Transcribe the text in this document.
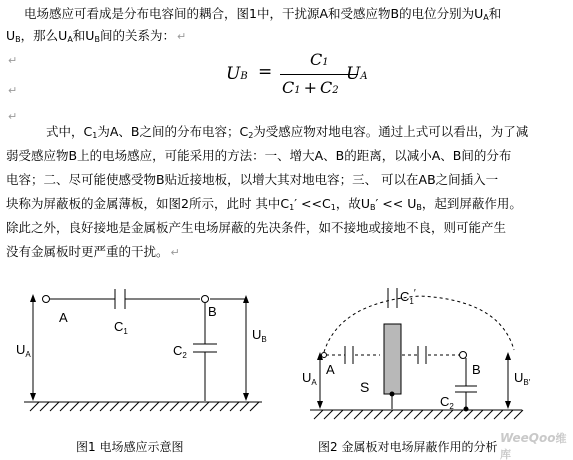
电场感应可看成是分布电容间的耦合，图1中，干扰源A和受感应物B的电位分别为$U_A$和
$U_B$，那么$U_A$和$U_B$间的关系为： ↵
↵
↵
↵
UB =
C1
C1 + C2
UA
式中，$C_1$为A、B之间的分布电容；$C_2$为受感应物对地电容。通过上式可以看出，为了减
弱受感应物B上的电场感应，可能采用的方法：一、增大A、B的距离，以减小A、B间的分布
电容；二、尽可能使感受物B贴近接地板，以增大其对地电容；三、 可以在AB之间插入一
块称为屏蔽板的金属薄板，如图2所示，此时 其中$C_1' <<C_1$，故$U_B' << U_B$，起到屏蔽作用。
除此之外，良好接地是金属板产生电场屏蔽的先决条件，如不接地或接地不良，则可能产生
没有金属板时更严重的干扰。 ↵
A	B
$C_1$
$C_2$
$U_A$
$U_B$
图1 电场感应示意图
$C_1'$
A	B
S
$C_2$
$U_A$	$U_{B'}$
图2 金属板对电场屏蔽作用的分析
WeeQoo维库
